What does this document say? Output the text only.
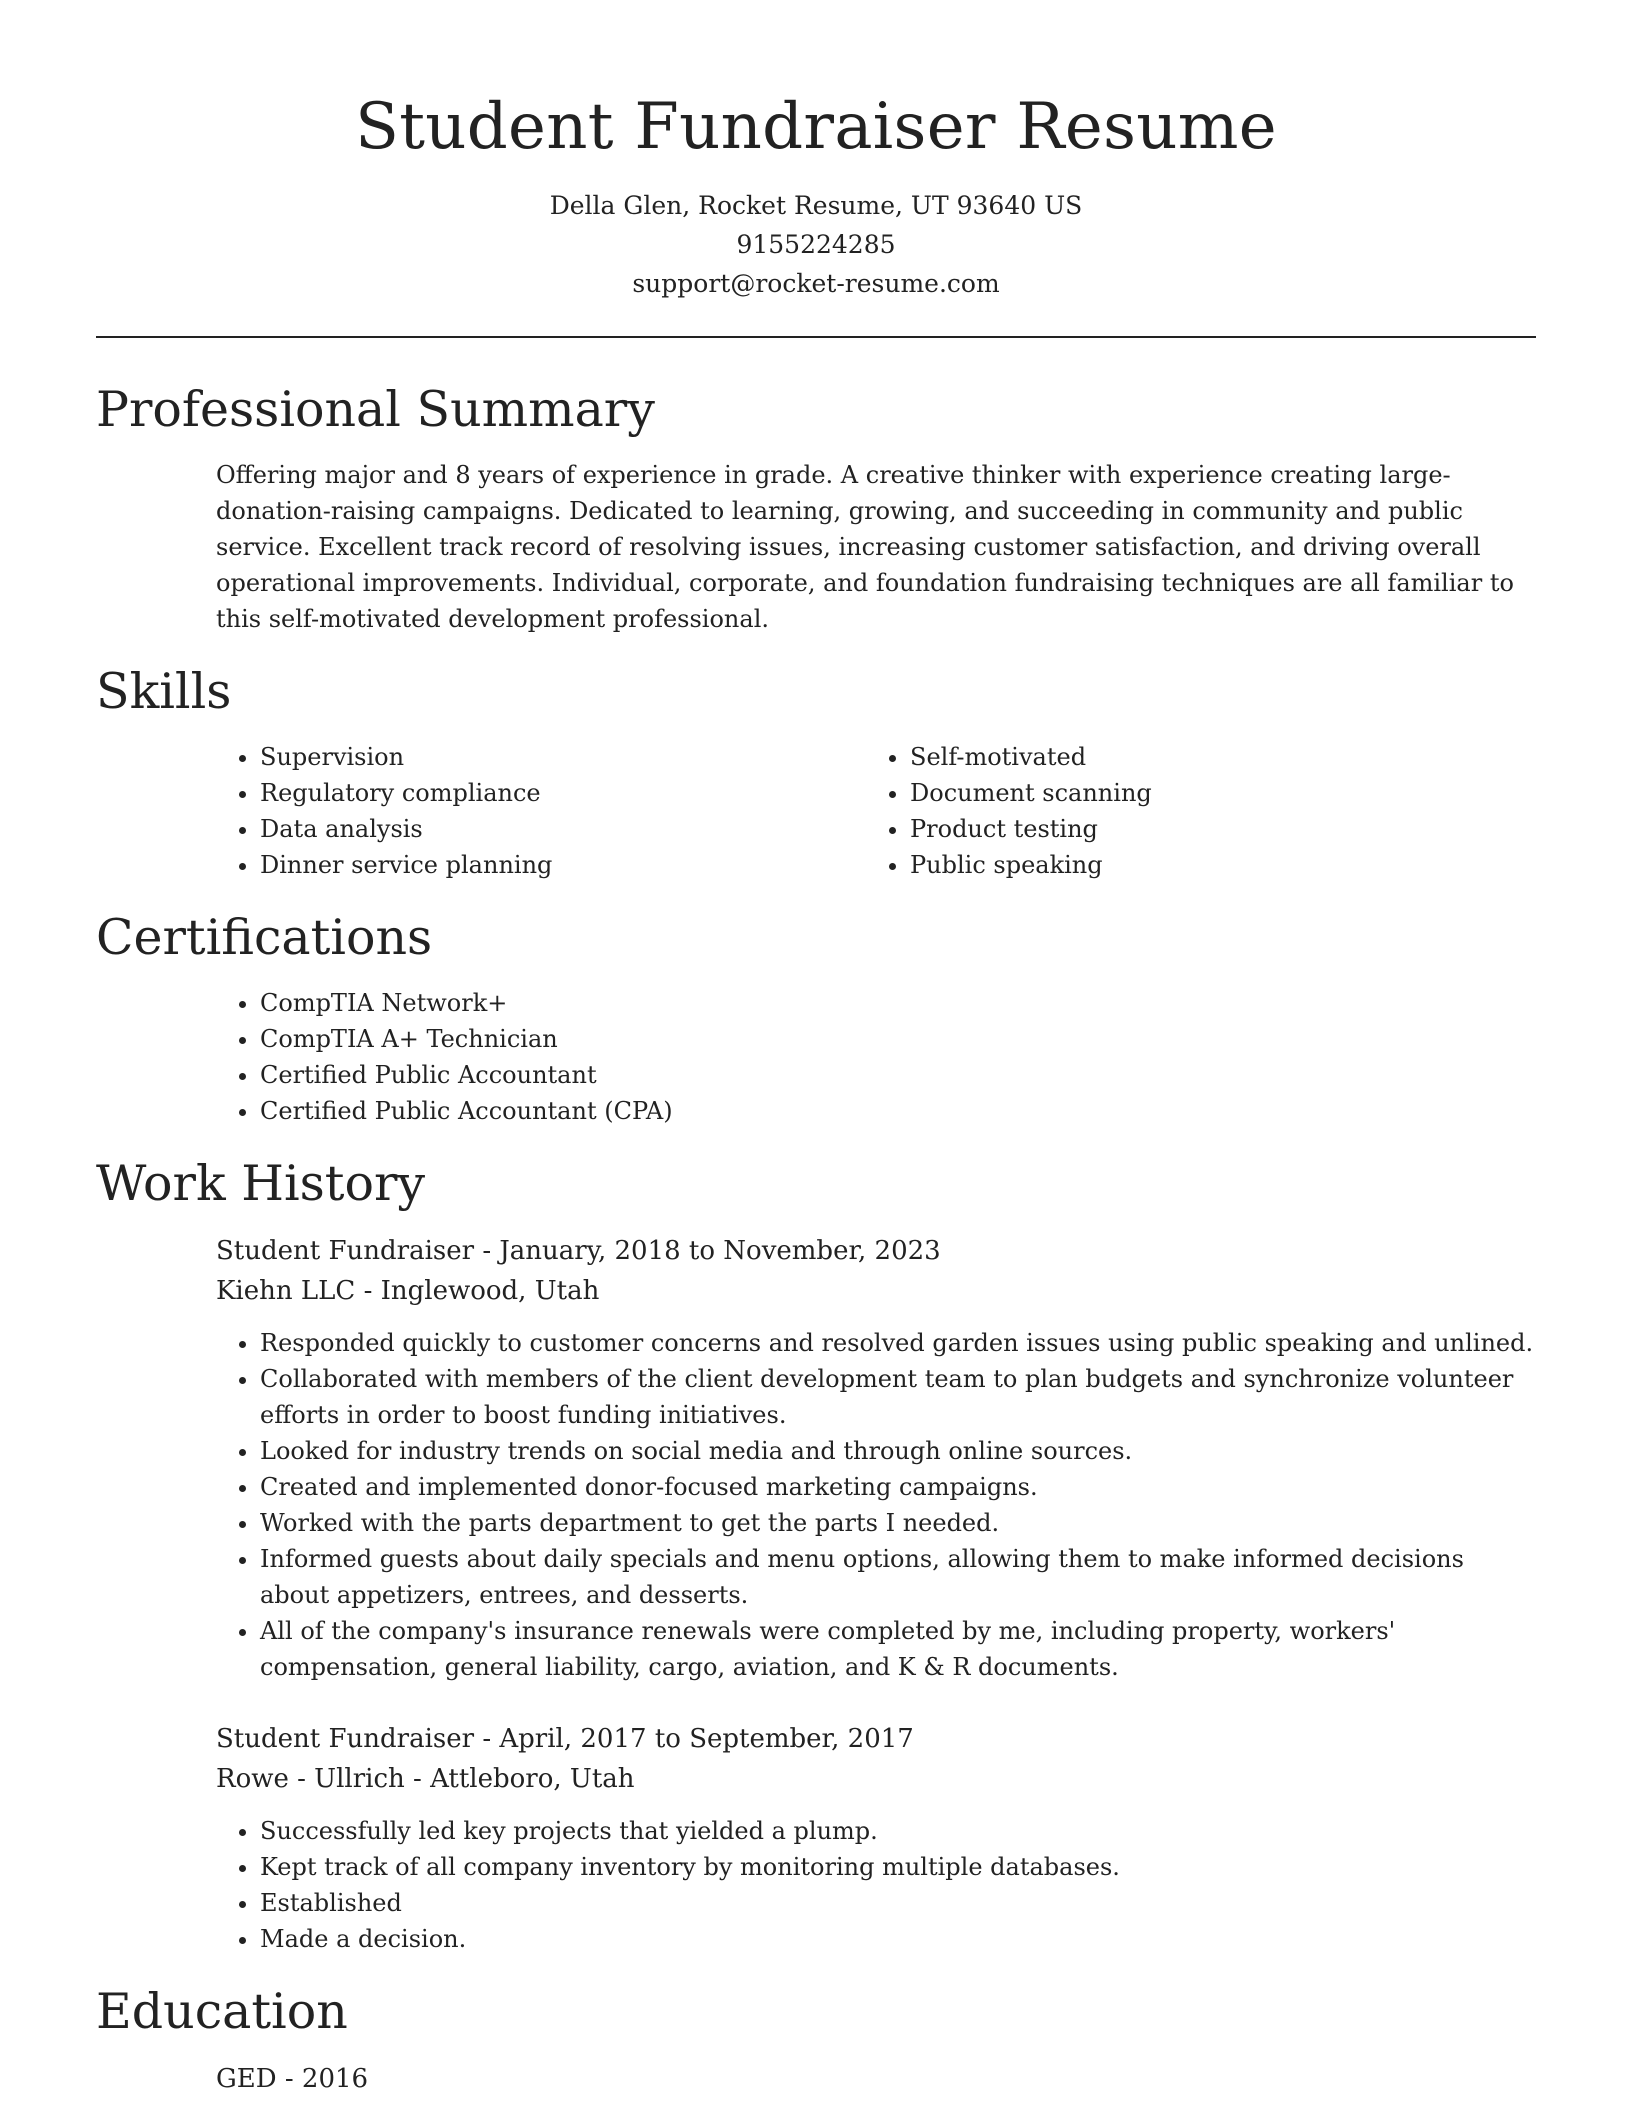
Student Fundraiser Resume
Della Glen, Rocket Resume, UT 93640 US
9155224285
support@rocket-resume.com
Professional Summary

Offering major and 8 years of experience in grade. A creative thinker with experience creating large-donation-raising campaigns. Dedicated to learning, growing, and succeeding in community and public service. Excellent track record of resolving issues, increasing customer satisfaction, and driving overall operational improvements. Individual, corporate, and foundation fundraising techniques are all familiar to this self-motivated development professional.

Skills
• Supervision
• Regulatory compliance
• Data analysis
• Dinner service planning
• Self-motivated
• Document scanning
• Product testing
• Public speaking
Certifications
• CompTIA Network+
• CompTIA A+ Technician
• Certified Public Accountant
• Certified Public Accountant (CPA)
Work History
Student Fundraiser - January, 2018 to November, 2023
Kiehn LLC - Inglewood, Utah
• Responded quickly to customer concerns and resolved garden issues using public speaking and unlined.
• Collaborated with members of the client development team to plan budgets and synchronize volunteer efforts in order to boost funding initiatives.
• Looked for industry trends on social media and through online sources.
• Created and implemented donor-focused marketing campaigns.
• Worked with the parts department to get the parts I needed.
• Informed guests about daily specials and menu options, allowing them to make informed decisions about appetizers, entrees, and desserts.
• All of the company's insurance renewals were completed by me, including property, workers' compensation, general liability, cargo, aviation, and K & R documents.
Student Fundraiser - April, 2017 to September, 2017
Rowe - Ullrich - Attleboro, Utah
• Successfully led key projects that yielded a plump.
• Kept track of all company inventory by monitoring multiple databases.
• Established
• Made a decision.
Education
GED - 2016
